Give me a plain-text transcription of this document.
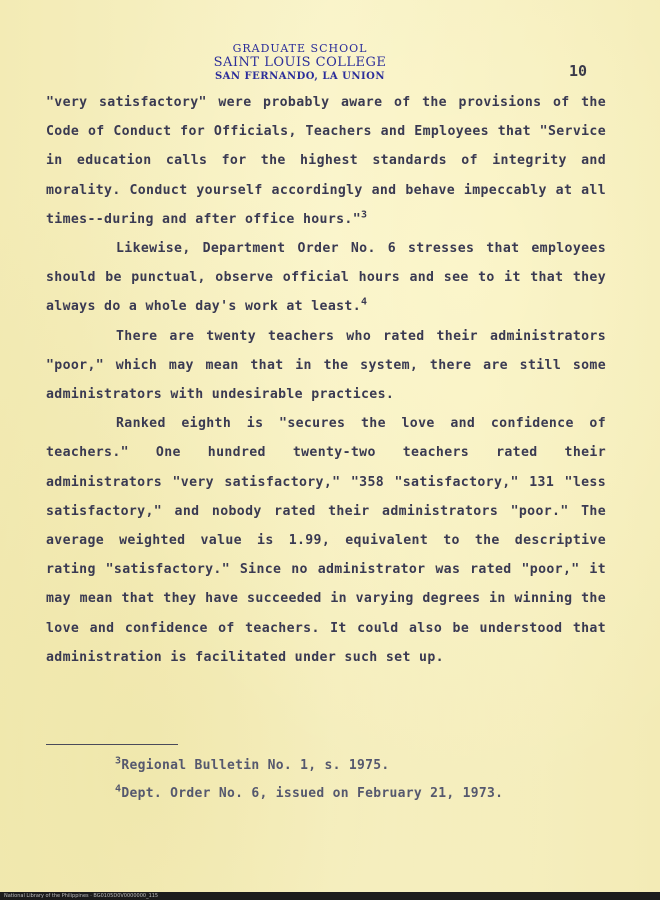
GRADUATE SCHOOL
SAINT LOUIS COLLEGE
SAN FERNANDO, LA UNION	10

"very satisfactory" were probably aware of the provisions of the Code of Conduct for Officials, Teachers and Employees that "Service in education calls for the highest standards of integrity and morality. Conduct yourself accordingly and behave impeccably at all times--during and after office hours."$^3$

Likewise, Department Order No. 6 stresses that employees should be punctual, observe official hours and see to it that they always do a whole day's work at least.$^4$

There are twenty teachers who rated their administrators "poor," which may mean that in the system, there are still some administrators with undesirable practices.

Ranked eighth is "secures the love and confidence of teachers." One hundred twenty-two teachers rated their administrators "very satisfactory," "358 "satisfactory," 131 "less satisfactory," and nobody rated their administrators "poor." The average weighted value is 1.99, equivalent to the descriptive rating "satisfactory." Since no administrator was rated "poor," it may mean that they have succeeded in varying degrees in winning the love and confidence of teachers. It could also be understood that administration is facilitated under such set up.

$^3$Regional Bulletin No. 1, s. 1975.

$^4$Dept. Order No. 6, issued on February 21, 1973.

National Library of the Philippines · BG0105D0V0000000_115
